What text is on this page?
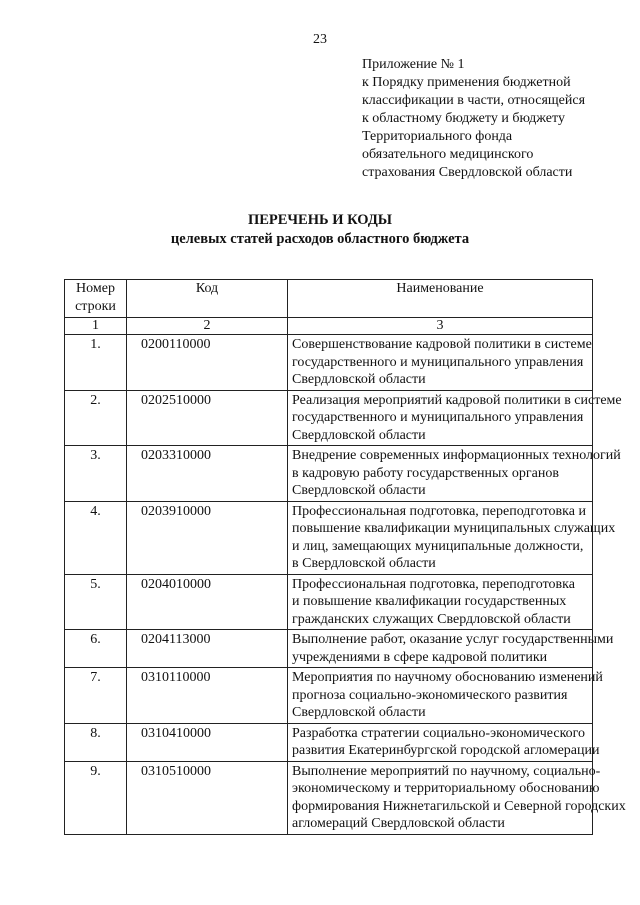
23
Приложение № 1
к Порядку применения бюджетной
классификации в части, относящейся
к областному бюджету и бюджету
Территориального фонда
обязательного медицинского
страхования Свердловской области
ПЕРЕЧЕНЬ И КОДЫ
целевых статей расходов областного бюджета
Номер
строки	Код	Наименование
1	2	3
1.	0200110000	Совершенствование кадровой политики в системе
государственного и муниципального управления
Свердловской области

2.	0202510000	Реализация мероприятий кадровой политики в системе
государственного и муниципального управления
Свердловской области

3.	0203310000	Внедрение современных информационных технологий
в кадровую работу государственных органов
Свердловской области

4.	0203910000	Профессиональная подготовка, переподготовка и
повышение квалификации муниципальных служащих
и лиц, замещающих муниципальные должности,
в Свердловской области

5.	0204010000	Профессиональная подготовка, переподготовка
и повышение квалификации государственных
гражданских служащих Свердловской области

6.	0204113000	Выполнение работ, оказание услуг государственными
учреждениями в сфере кадровой политики

7.	0310110000	Мероприятия по научному обоснованию изменений
прогноза социально-экономического развития
Свердловской области

8.	0310410000	Разработка стратегии социально-экономического
развития Екатеринбургской городской агломерации

9.	0310510000	Выполнение мероприятий по научному, социально-
экономическому и территориальному обоснованию
формирования Нижнетагильской и Северной городских
агломераций Свердловской области
